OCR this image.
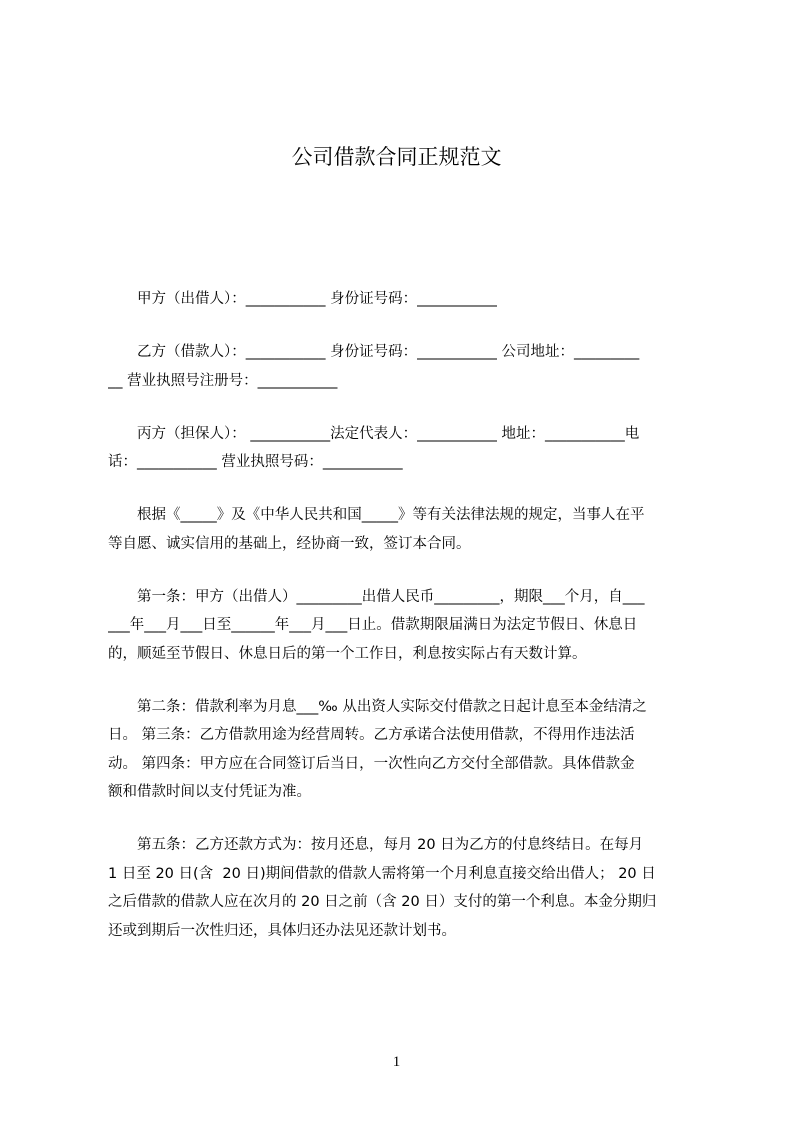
公司借款合同正规范文
甲方（出借人）：___________ 身份证号码：___________
乙方（借款人）：___________ 身份证号码：___________ 公司地址：_________
__ 营业执照号注册号：___________
丙方（担保人）： ___________法定代表人：___________ 地址：___________电
话：___________ 营业执照号码：___________
根据《_____》及《中华人民共和国_____》等有关法律法规的规定，当事人在平
等自愿、诚实信用的基础上，经协商一致，签订本合同。
第一条：甲方（出借人）_________出借人民币_________，期限___个月，自___
___年___月___日至______年___月___日止。借款期限届满日为法定节假日、休息日
的，顺延至节假日、休息日后的第一个工作日，利息按实际占有天数计算。
第二条：借款利率为月息___‰ 从出资人实际交付借款之日起计息至本金结清之
日。 第三条：乙方借款用途为经营周转。乙方承诺合法使用借款，不得用作违法活
动。 第四条：甲方应在合同签订后当日，一次性向乙方交付全部借款。具体借款金
额和借款时间以支付凭证为准。
第五条：乙方还款方式为：按月还息，每月 20 日为乙方的付息终结日。在每月
1 日至 20 日(含  20 日)期间借款的借款人需将第一个月利息直接交给出借人； 20 日
之后借款的借款人应在次月的 20 日之前（含 20 日）支付的第一个利息。本金分期归
还或到期后一次性归还，具体归还办法见还款计划书。
1
